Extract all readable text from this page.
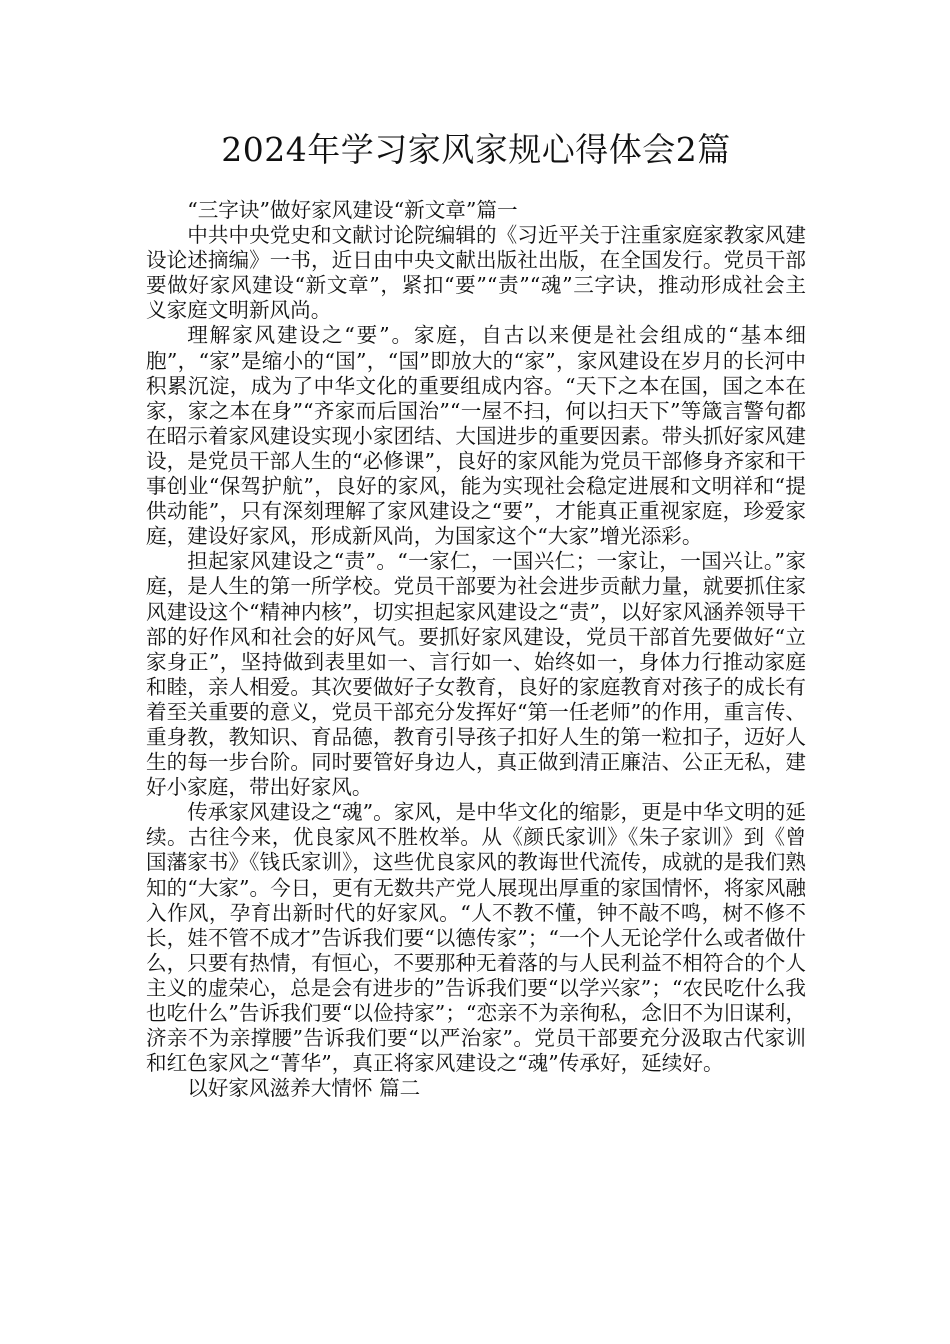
2024年学习家风家规心得体会2篇

“三字诀”做好家风建设“新文章”篇一

中共中央党史和文献讨论院编辑的《习近平关于注重家庭家教家风建设论述摘编》一书，近日由中央文献出版社出版，在全国发行。党员干部要做好家风建设“新文章”，紧扣“要”“责”“魂”三字诀，推动形成社会主义家庭文明新风尚。

理解家风建设之“要”。家庭，自古以来便是社会组成的“基本细胞”，“家”是缩小的“国”，“国”即放大的“家”，家风建设在岁月的长河中积累沉淀，成为了中华文化的重要组成内容。“天下之本在国，国之本在家，家之本在身”“齐家而后国治”“一屋不扫，何以扫天下”等箴言警句都在昭示着家风建设实现小家团结、大国进步的重要因素。带头抓好家风建设，是党员干部人生的“必修课”，良好的家风能为党员干部修身齐家和干事创业“保驾护航”，良好的家风，能为实现社会稳定进展和文明祥和“提供动能”，只有深刻理解了家风建设之“要”，才能真正重视家庭，珍爱家庭，建设好家风，形成新风尚，为国家这个“大家”增光添彩。

担起家风建设之“责”。“一家仁，一国兴仁；一家让，一国兴让。”家庭，是人生的第一所学校。党员干部要为社会进步贡献力量，就要抓住家风建设这个“精神内核”，切实担起家风建设之“责”，以好家风涵养领导干部的好作风和社会的好风气。要抓好家风建设，党员干部首先要做好“立家身正”，坚持做到表里如一、言行如一、始终如一，身体力行推动家庭和睦，亲人相爱。其次要做好子女教育，良好的家庭教育对孩子的成长有着至关重要的意义，党员干部充分发挥好“第一任老师”的作用，重言传、重身教，教知识、育品德，教育引导孩子扣好人生的第一粒扣子，迈好人生的每一步台阶。同时要管好身边人，真正做到清正廉洁、公正无私，建好小家庭，带出好家风。

传承家风建设之“魂”。家风，是中华文化的缩影，更是中华文明的延续。古往今来，优良家风不胜枚举。从《颜氏家训》《朱子家训》到《曾国藩家书》《钱氏家训》，这些优良家风的教诲世代流传，成就的是我们熟知的“大家”。今日，更有无数共产党人展现出厚重的家国情怀，将家风融入作风，孕育出新时代的好家风。“人不教不懂，钟不敲不鸣，树不修不长，娃不管不成才”告诉我们要“以德传家”；“一个人无论学什么或者做什么，只要有热情，有恒心，不要那种无着落的与人民利益不相符合的个人主义的虚荣心，总是会有进步的”告诉我们要“以学兴家”；“农民吃什么我也吃什么”告诉我们要“以俭持家”；“恋亲不为亲徇私，念旧不为旧谋利，济亲不为亲撑腰”告诉我们要“以严治家”。党员干部要充分汲取古代家训和红色家风之“菁华”，真正将家风建设之“魂”传承好，延续好。

以好家风滋养大情怀 篇二
